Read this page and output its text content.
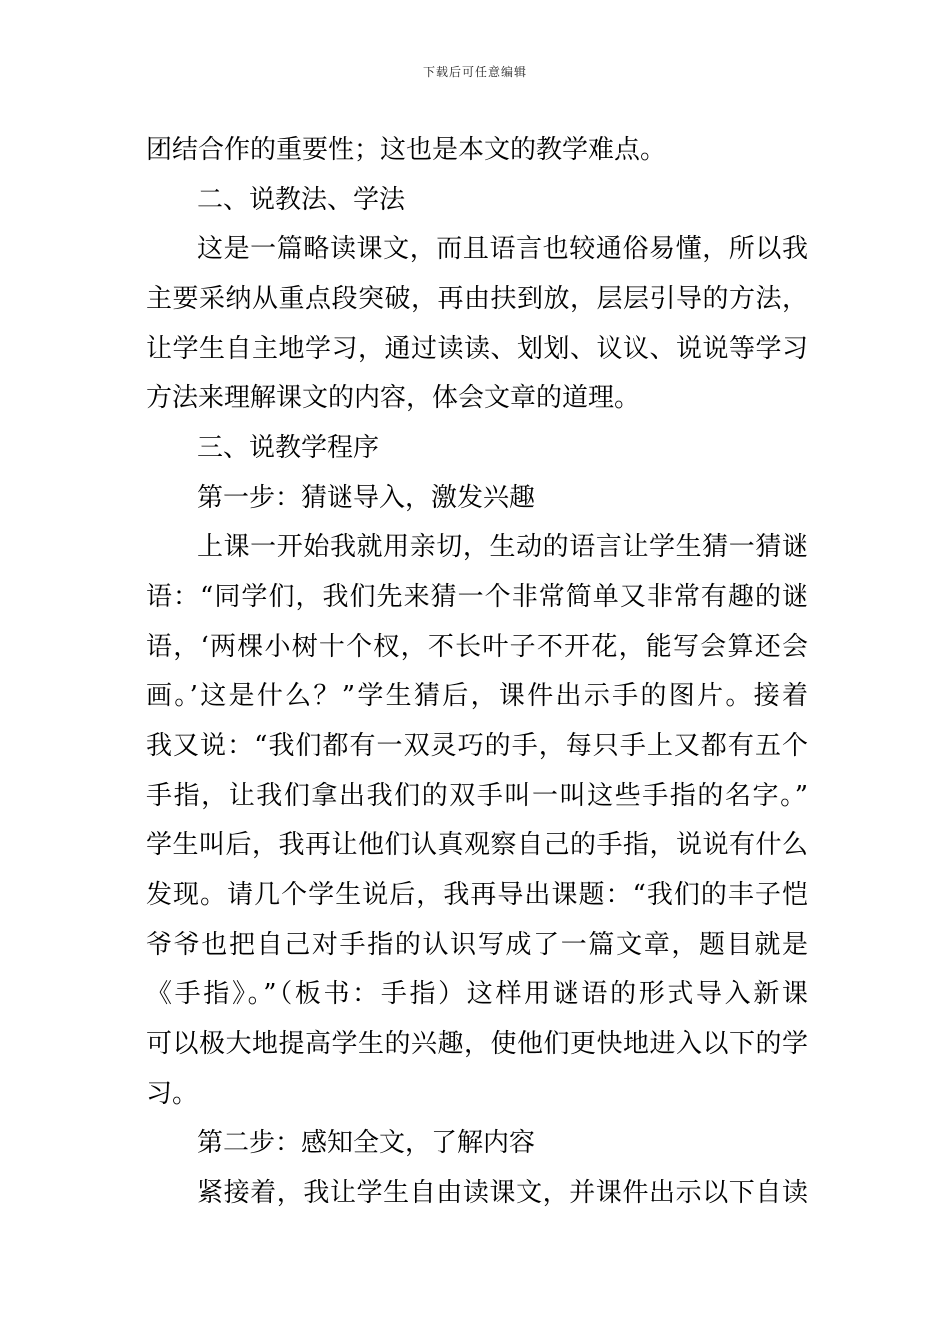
下载后可任意编辑
团结合作的重要性；这也是本文的教学难点。
二、说教法、学法
这是一篇略读课文，而且语言也较通俗易懂，所以我
主要采纳从重点段突破，再由扶到放，层层引导的方法，
让学生自主地学习，通过读读、划划、议议、说说等学习
方法来理解课文的内容，体会文章的道理。
三、说教学程序
第一步：猜谜导入，激发兴趣
上课一开始我就用亲切，生动的语言让学生猜一猜谜
语：“同学们，我们先来猜一个非常简单又非常有趣的谜
语，‘两棵小树十个杈，不长叶子不开花，能写会算还会
画。’这是什么？”学生猜后，课件出示手的图片。接着
我又说：“我们都有一双灵巧的手，每只手上又都有五个
手指，让我们拿出我们的双手叫一叫这些手指的名字。”
学生叫后，我再让他们认真观察自己的手指，说说有什么
发现。请几个学生说后，我再导出课题：“我们的丰子恺
爷爷也把自己对手指的认识写成了一篇文章，题目就是
《手指》。”（板书：手指）这样用谜语的形式导入新课
可以极大地提高学生的兴趣，使他们更快地进入以下的学
习。
第二步：感知全文，了解内容
紧接着，我让学生自由读课文，并课件出示以下自读
